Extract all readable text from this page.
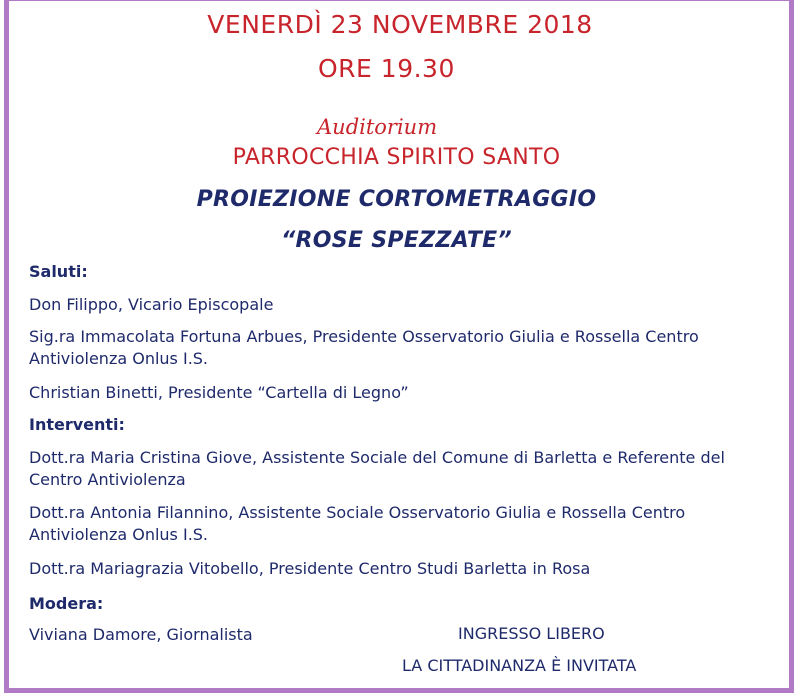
VENERDÌ 23 NOVEMBRE 2018
ORE 19.30
Auditorium
PARROCCHIA SPIRITO SANTO
PROIEZIONE CORTOMETRAGGIO
“ROSE SPEZZATE”
Saluti:
Don Filippo, Vicario Episcopale
Sig.ra Immacolata Fortuna Arbues, Presidente Osservatorio Giulia e Rossella Centro Antiviolenza Onlus I.S.
Christian Binetti, Presidente “Cartella di Legno”
Interventi:
Dott.ra Maria Cristina Giove, Assistente Sociale del Comune di Barletta e Referente del Centro Antiviolenza
Dott.ra Antonia Filannino, Assistente Sociale Osservatorio Giulia e Rossella Centro Antiviolenza Onlus I.S.
Dott.ra Mariagrazia Vitobello, Presidente Centro Studi Barletta in Rosa
Modera:
Viviana Damore, Giornalista	INGRESSO LIBERO
LA CITTADINANZA È INVITATA
